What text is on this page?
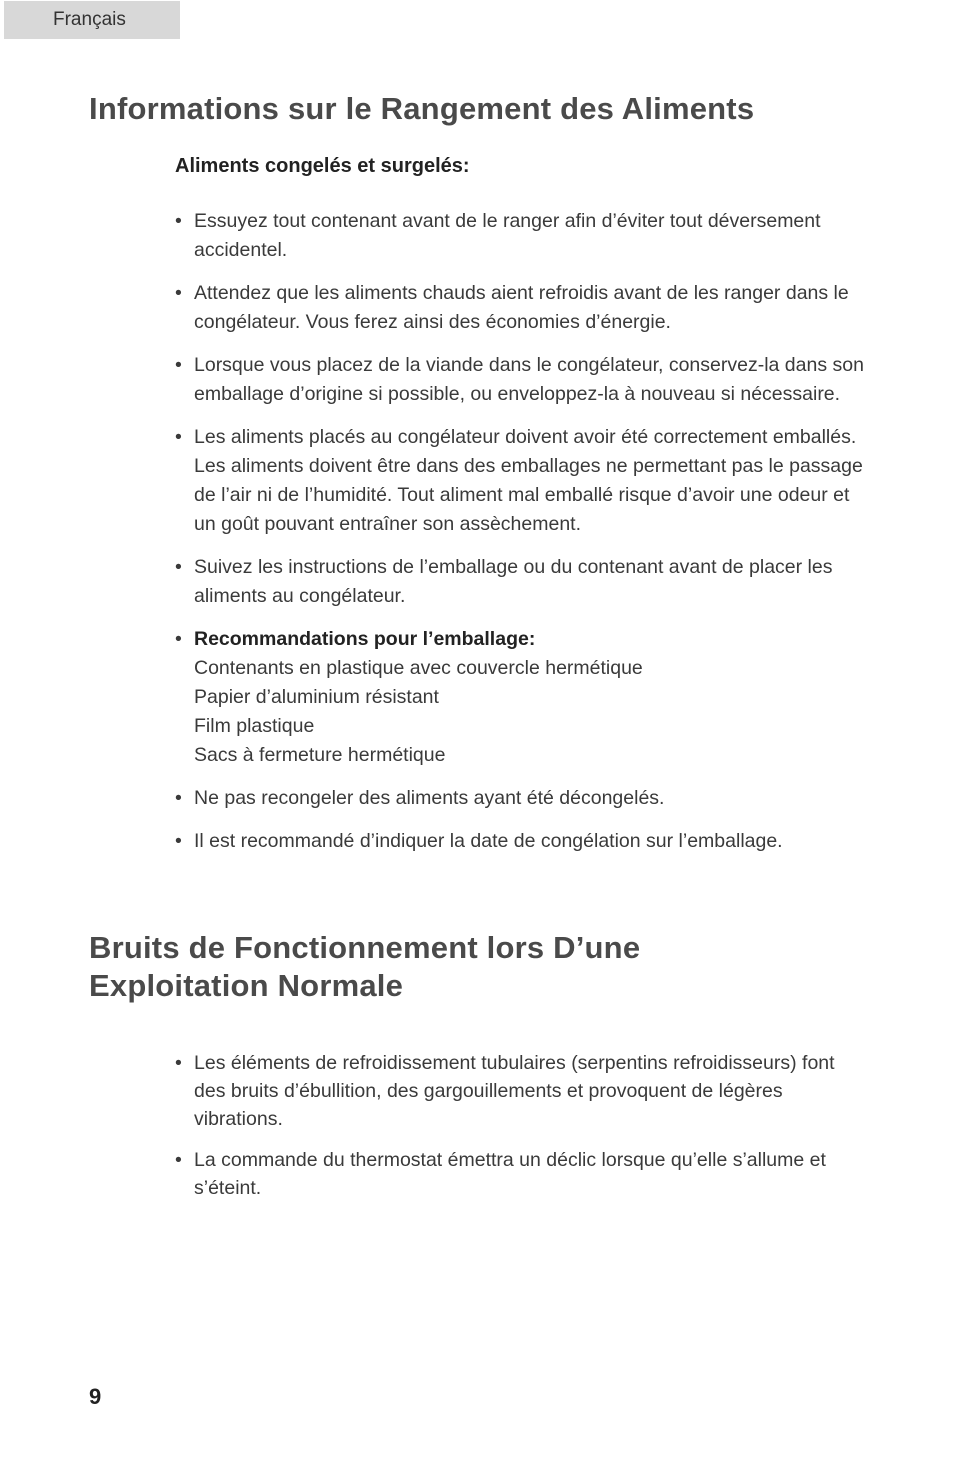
Français
Informations sur le Rangement des Aliments
Aliments congelés et surgelés:
• Essuyez tout contenant avant de le ranger afin d’éviter tout déversement accidentel.
• Attendez que les aliments chauds aient refroidis avant de les ranger dans le congélateur. Vous ferez ainsi des économies d’énergie.
• Lorsque vous placez de la viande dans le congélateur, conservez-la dans son emballage d’origine si possible, ou enveloppez-la à nouveau si nécessaire.
• Les aliments placés au congélateur doivent avoir été correctement emballés. Les aliments doivent être dans des emballages ne permettant pas le passage de l’air ni de l’humidité. Tout aliment mal emballé risque d’avoir une odeur et un goût pouvant entraîner son assèchement.
• Suivez les instructions de l’emballage ou du contenant avant de placer les aliments au congélateur.
• Recommandations pour l’emballage:
Contenants en plastique avec couvercle hermétique
Papier d’aluminium résistant
Film plastique
Sacs à fermeture hermétique
• Ne pas recongeler des aliments ayant été décongelés.
• Il est recommandé d’indiquer la date de congélation sur l’emballage.
Bruits de Fonctionnement lors D’une
Exploitation Normale
• Les éléments de refroidissement tubulaires (serpentins refroidisseurs) font des bruits d’ébullition, des gargouillements et provoquent de légères vibrations.
• La commande du thermostat émettra un déclic lorsque qu’elle s’allume et s’éteint.
9
